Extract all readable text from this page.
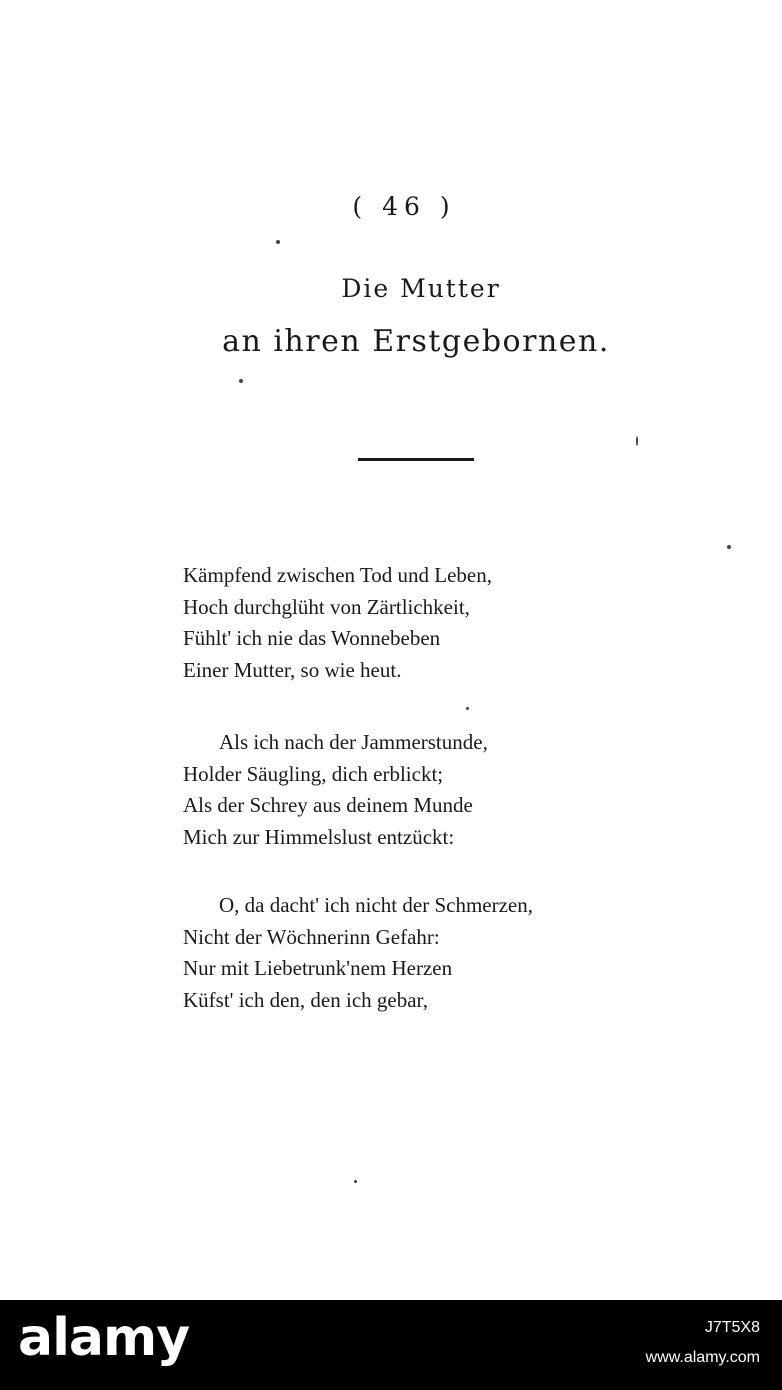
( 46 )
Die Mutter
an ihren Erstgebornen.
Kämpfend zwischen Tod und Leben,
Hoch durchglüht von Zärtlichkeit,
Fühlt' ich nie das Wonnebeben
Einer Mutter, so wie heut.
Als ich nach der Jammerstunde,
Holder Säugling, dich erblickt;
Als der Schrey aus deinem Munde
Mich zur Himmelslust entzückt:
O, da dacht' ich nicht der Schmerzen,
Nicht der Wöchnerinn Gefahr:
Nur mit Liebetrunk'nem Herzen
Küfst' ich den, den ich gebar,
alamy	J7T5X8
www.alamy.com
